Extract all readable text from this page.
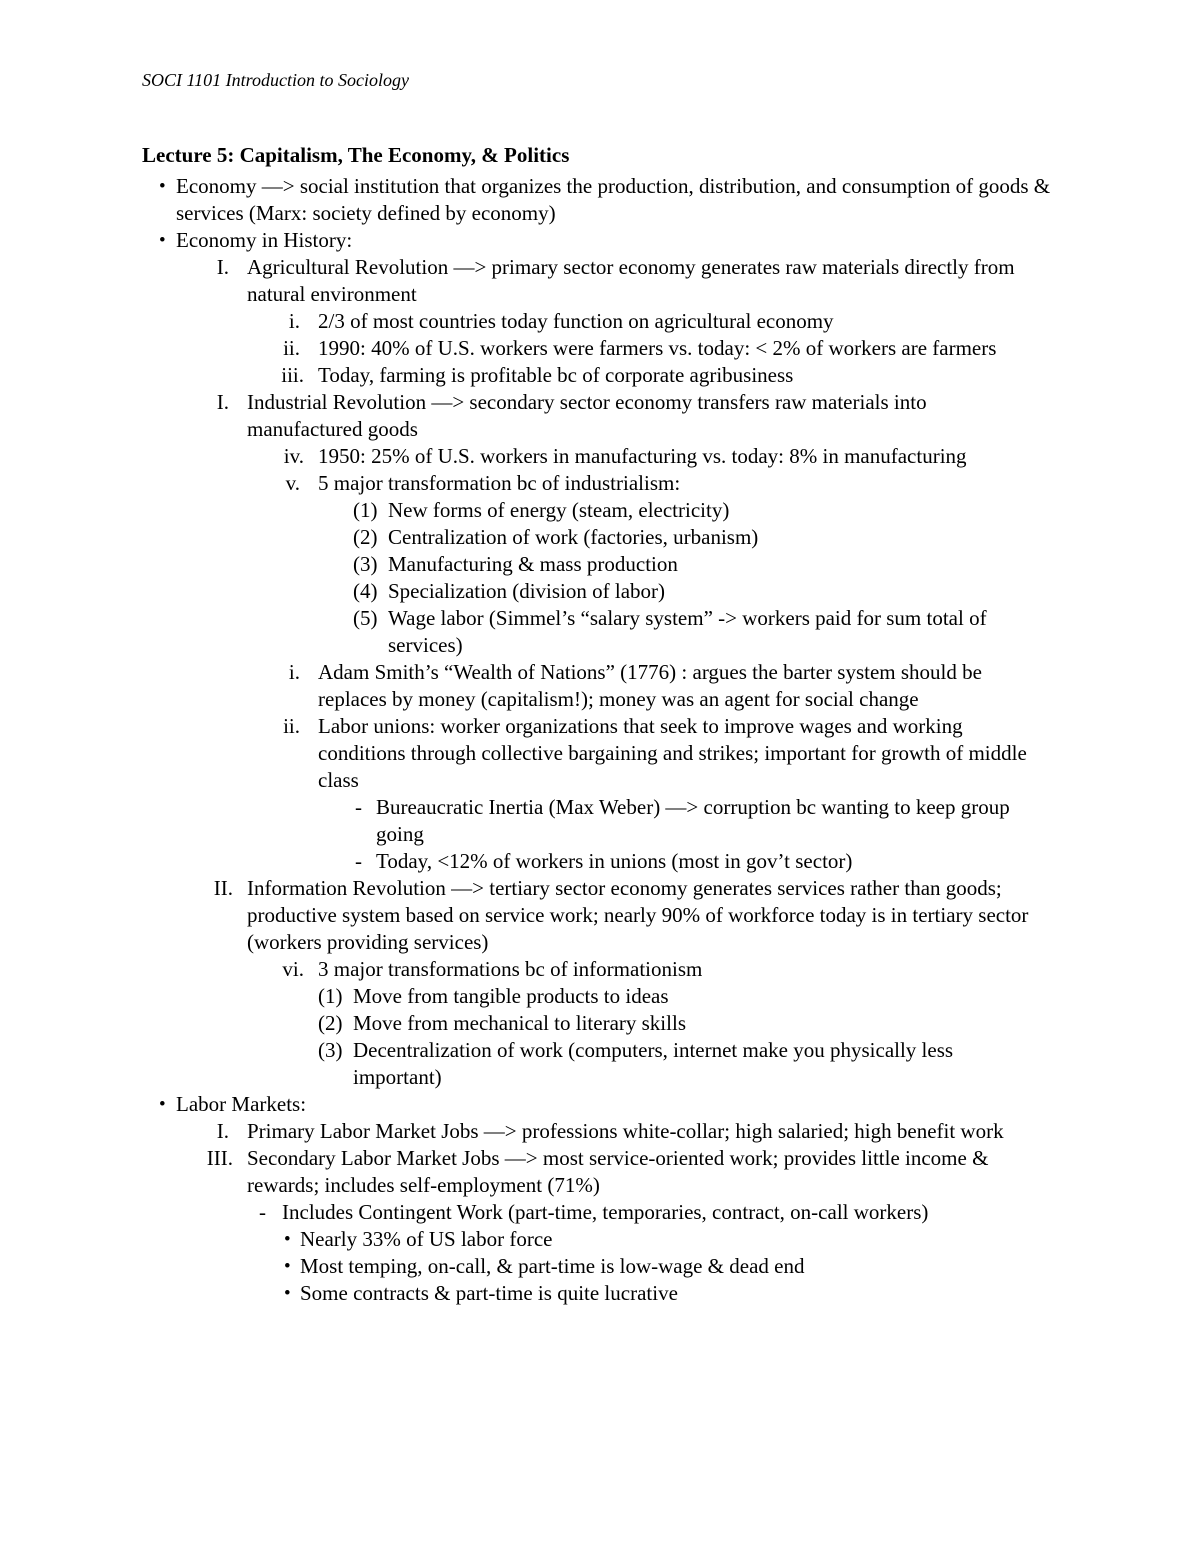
SOCI 1101 Introduction to Sociology
Lecture 5: Capitalism, The Economy, & Politics
• Economy —> social institution that organizes the production, distribution, and consumption of goods & services (Marx: society defined by economy)
• Economy in History:
I. Agricultural Revolution —> primary sector economy generates raw materials directly from natural environment
i. 2/3 of most countries today function on agricultural economy
ii. 1990: 40% of U.S. workers were farmers vs. today: < 2% of workers are farmers
iii. Today, farming is profitable bc of corporate agribusiness
I. Industrial Revolution —> secondary sector economy transfers raw materials into manufactured goods
iv. 1950: 25% of U.S. workers in manufacturing vs. today: 8% in manufacturing
v. 5 major transformation bc of industrialism:
(1) New forms of energy (steam, electricity)
(2) Centralization of work (factories, urbanism)
(3) Manufacturing & mass production
(4) Specialization (division of labor)
(5) Wage labor (Simmel’s “salary system” -> workers paid for sum total of services)
i. Adam Smith’s “Wealth of Nations” (1776) : argues the barter system should be replaces by money (capitalism!); money was an agent for social change
ii. Labor unions: worker organizations that seek to improve wages and working conditions through collective bargaining and strikes; important for growth of middle class
- Bureaucratic Inertia (Max Weber) —> corruption bc wanting to keep group going
- Today, <12% of workers in unions (most in gov’t sector)
II. Information Revolution —> tertiary sector economy generates services rather than goods; productive system based on service work; nearly 90% of workforce today is in tertiary sector (workers providing services)
vi. 3 major transformations bc of informationism
(1) Move from tangible products to ideas
(2) Move from mechanical to literary skills
(3) Decentralization of work (computers, internet make you physically less important)
• Labor Markets:
I. Primary Labor Market Jobs —> professions white-collar; high salaried; high benefit work
III. Secondary Labor Market Jobs —> most service-oriented work; provides little income & rewards; includes self-employment (71%)
- Includes Contingent Work (part-time, temporaries, contract, on-call workers)
• Nearly 33% of US labor force
• Most temping, on-call, & part-time is low-wage & dead end
• Some contracts & part-time is quite lucrative
